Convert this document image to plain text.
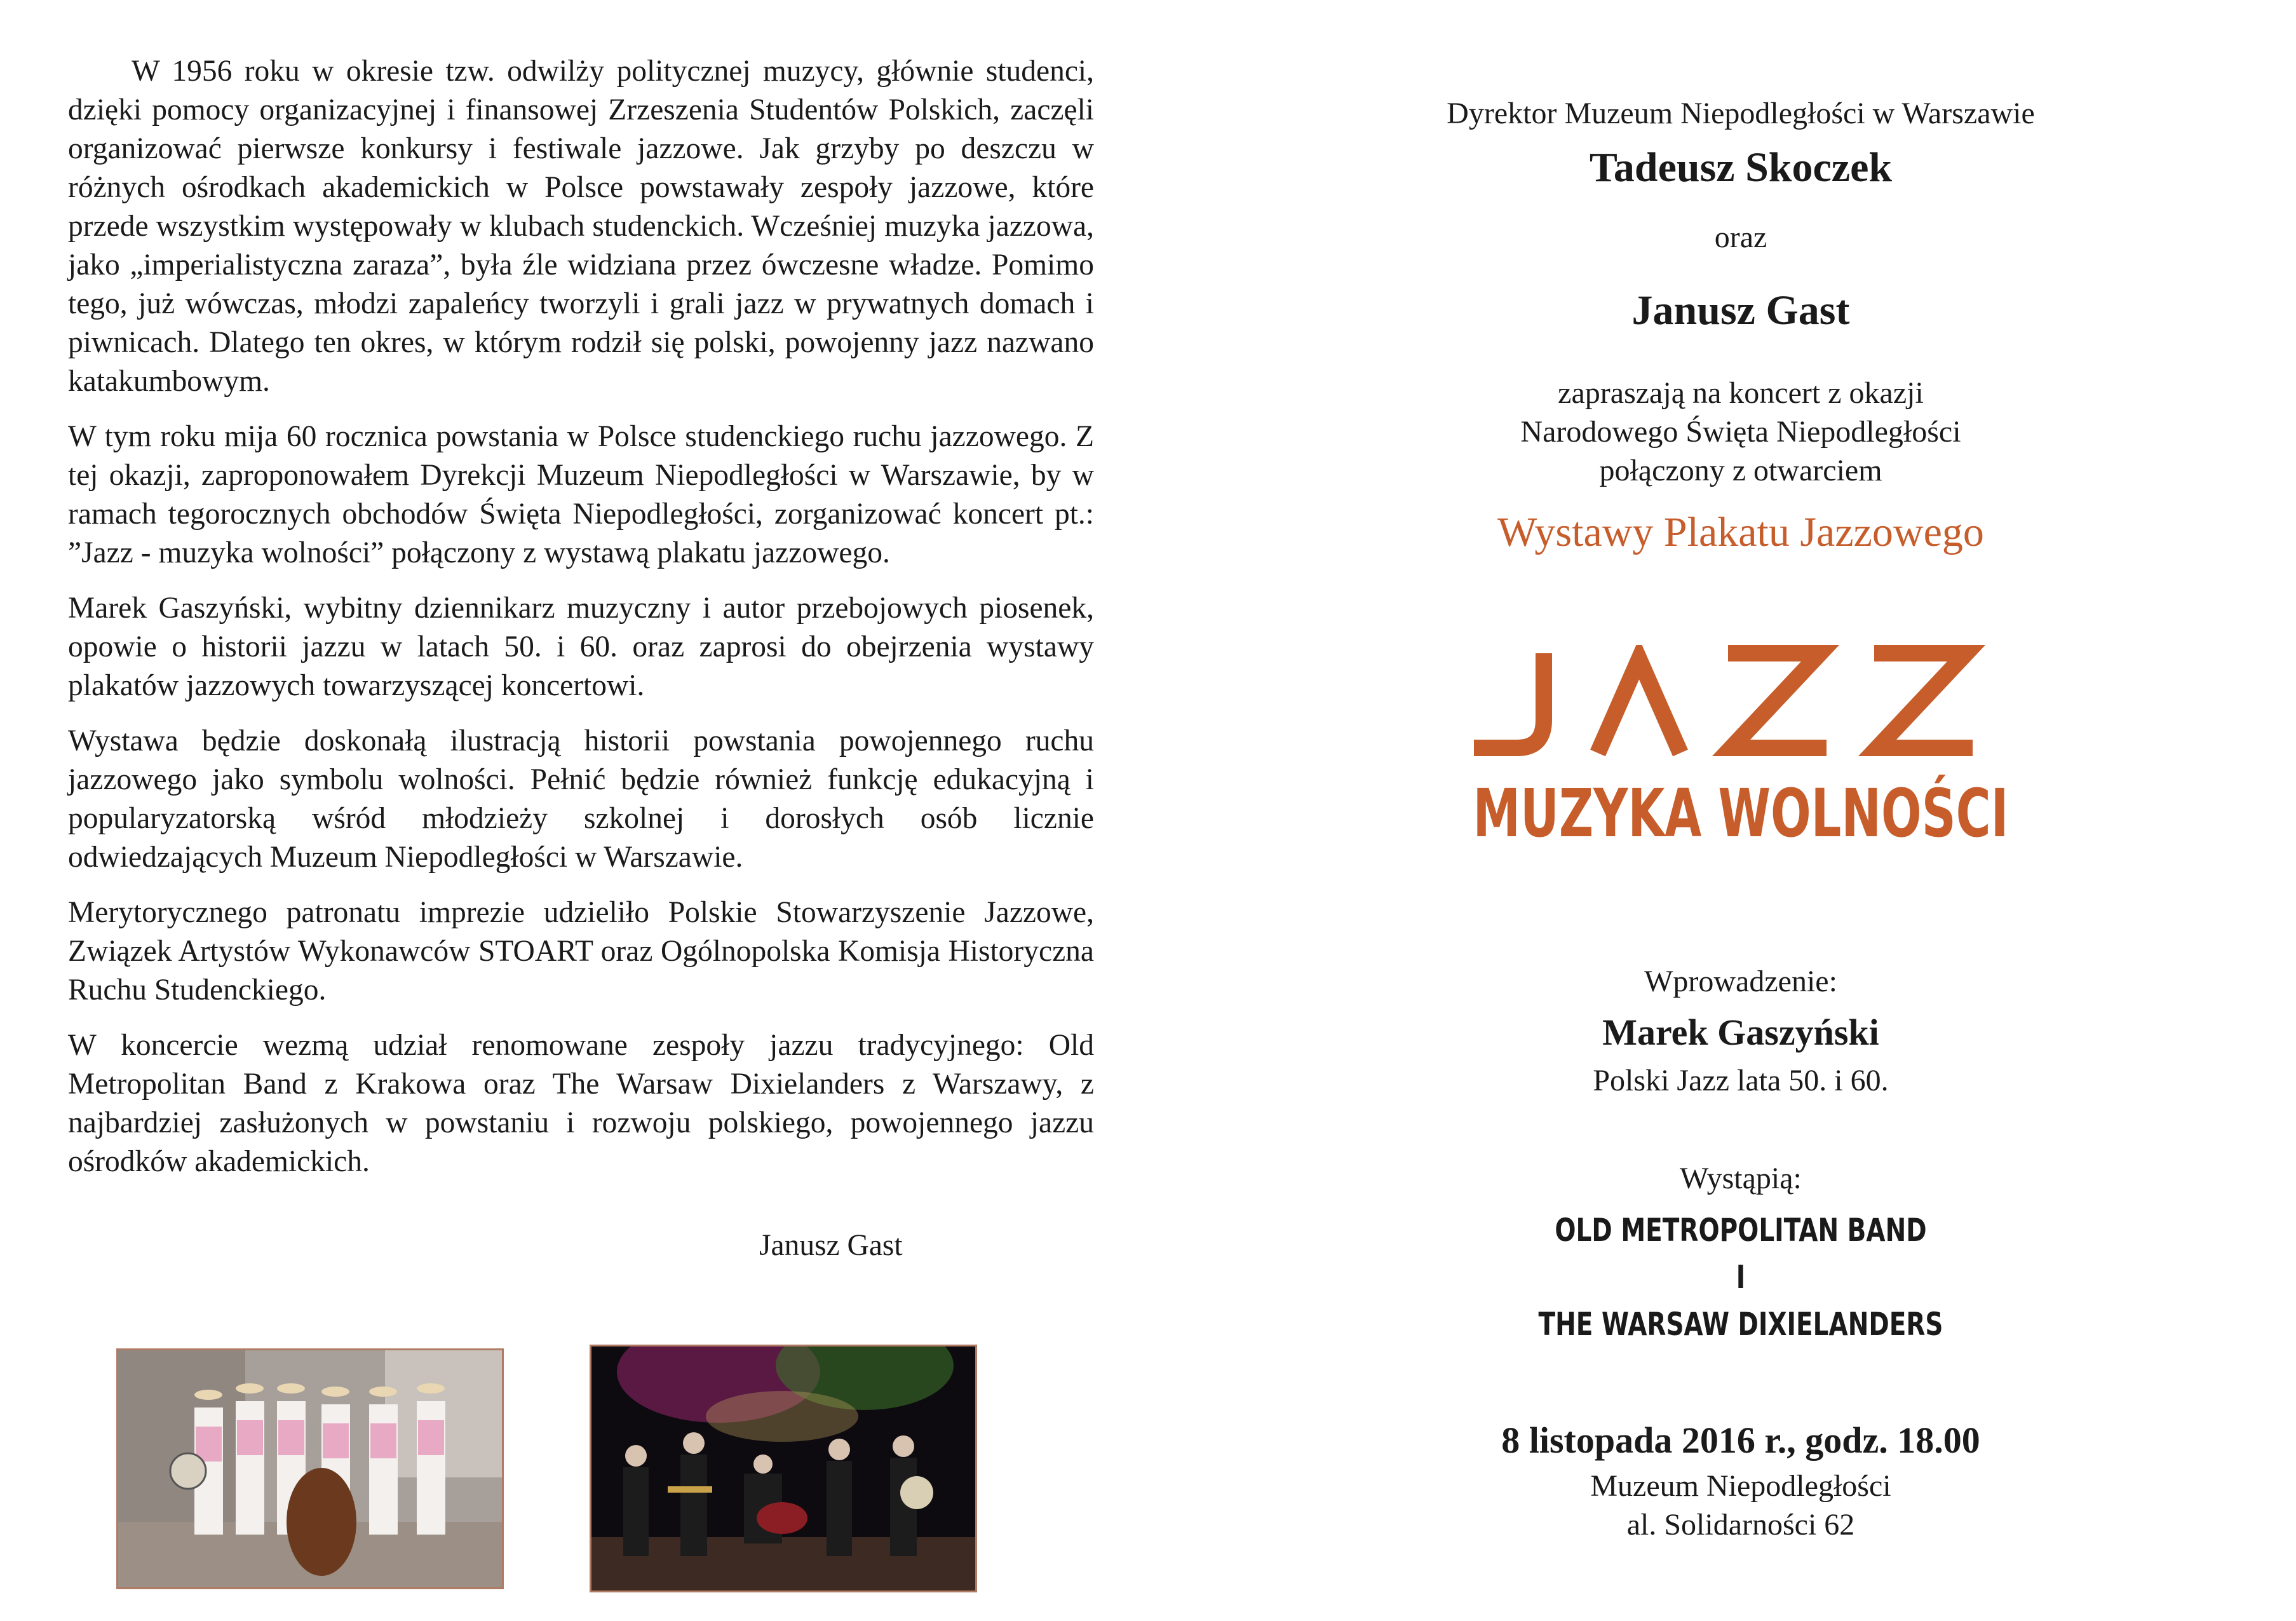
W 1956 roku w okresie tzw. odwilży politycznej muzycy, głównie studenci, dzięki pomocy organizacyjnej i finansowej Zrzeszenia Studentów Polskich, zaczęli organizować pierwsze konkursy i festiwale jazzowe. Jak grzyby po deszczu w różnych ośrodkach akademickich w Polsce powstawały zespoły jazzowe, które przede wszystkim występowały w klubach studenckich. Wcześniej muzyka jazzowa, jako „imperialistyczna zaraza”, była źle widziana przez ówczesne władze. Pomimo tego, już wówczas, młodzi zapaleńcy tworzyli i grali jazz w prywatnych domach i piwnicach. Dlatego ten okres, w którym rodził się polski, powojenny jazz nazwano katakumbowym.

W tym roku mija 60 rocznica powstania w Polsce studenckiego ruchu jazzowego. Z tej okazji, zaproponowałem Dyrekcji Muzeum Niepodległości w Warszawie, by w ramach tegorocznych obchodów Święta Niepodległości, zorganizować koncert pt.: ”Jazz - muzyka wolności” połączony z wystawą plakatu jazzowego.

Marek Gaszyński, wybitny dziennikarz muzyczny i autor przebojowych piosenek, opowie o historii jazzu w latach 50. i 60. oraz zaprosi do obejrzenia wystawy plakatów jazzowych towarzyszącej koncertowi.

Wystawa będzie doskonałą ilustracją historii powstania powojennego ruchu jazzowego jako symbolu wolności. Pełnić będzie również funkcję edukacyjną i popularyzatorską wśród młodzieży szkolnej i dorosłych osób licznie odwiedzających Muzeum Niepodległości w Warszawie.

Merytorycznego patronatu imprezie udzieliło Polskie Stowarzyszenie Jazzowe, Związek Artystów Wykonawców STOART oraz Ogólnopolska Komisja Historyczna Ruchu Studenckiego.

W koncercie wezmą udział renomowane zespoły jazzu tradycyjnego: Old Metropolitan Band z Krakowa oraz The Warsaw Dixielanders z Warszawy, z najbardziej zasłużonych w powstaniu i rozwoju polskiego, powojennego jazzu ośrodków akademickich.

Janusz Gast
Dyrektor Muzeum Niepodległości w Warszawie
Tadeusz Skoczek
oraz
Janusz Gast
zapraszają na koncert z okazji
Narodowego Święta Niepodległości
połączony z otwarciem
Wystawy Plakatu Jazzowego
Wprowadzenie:
Marek Gaszyński
Polski Jazz lata 50. i 60.
Wystąpią:
OLD METROPOLITAN BAND
I
THE WARSAW DIXIELANDERS
8 listopada 2016 r., godz. 18.00
Muzeum Niepodległości
al. Solidarności 62
MUZYKA WOLNOŚCI
